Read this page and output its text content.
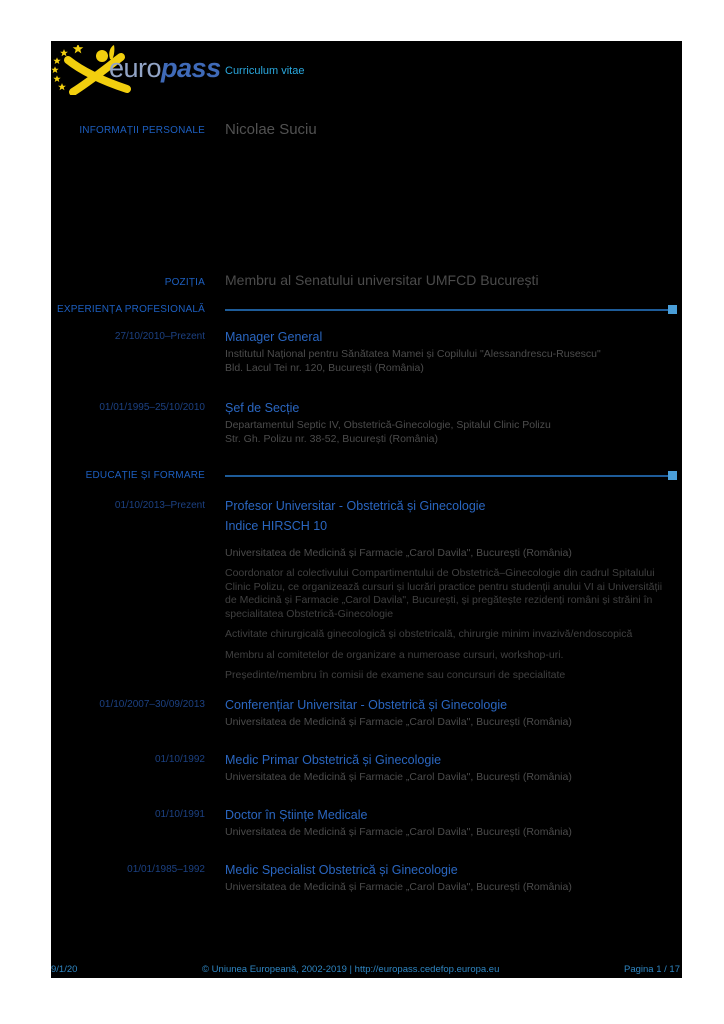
europass Curriculum vitae
INFORMAȚII PERSONALE Nicolae Suciu
POZIȚIA Membru al Senatului universitar UMFCD București
EXPERIENȚA PROFESIONALĂ
27/10/2010–Prezent Manager General
Institutul Național pentru Sănătatea Mamei și Copilului "Alessandrescu-Rusescu"
Bld. Lacul Tei nr. 120, București (România)
01/01/1995–25/10/2010 Șef de Secție
Departamentul Septic IV, Obstetrică-Ginecologie, Spitalul Clinic Polizu
Str. Gh. Polizu nr. 38-52, București (România)
EDUCAȚIE ȘI FORMARE
01/10/2013–Prezent Profesor Universitar - Obstetrică și Ginecologie
Indice HIRSCH 10
Universitatea de Medicină și Farmacie „Carol Davila", București (România)
Coordonator al colectivului Compartimentului de Obstetrică–Ginecologie din cadrul Spitalului Clinic Polizu, ce organizează cursuri și lucrări practice pentru studenții anului VI ai Universității de Medicină și Farmacie „Carol Davila", București, și pregătește rezidenți români și străini în specialitatea Obstetrică-Ginecologie
Activitate chirurgicală ginecologică și obstetricală, chirurgie minim invazivă/endoscopică
Membru al comitetelor de organizare a numeroase cursuri, workshop-uri.
Președinte/membru în comisii de examene sau concursuri de specialitate
01/10/2007–30/09/2013 Conferențiar Universitar - Obstetrică și Ginecologie
Universitatea de Medicină și Farmacie „Carol Davila", București (România)
01/10/1992 Medic Primar Obstetrică și Ginecologie
Universitatea de Medicină și Farmacie „Carol Davila", București (România)
01/10/1991 Doctor în Științe Medicale
Universitatea de Medicină și Farmacie „Carol Davila", București (România)
01/01/1985–1992 Medic Specialist Obstetrică și Ginecologie
Universitatea de Medicină și Farmacie „Carol Davila", București (România)
9/1/20	© Uniunea Europeană, 2002-2019 | http://europass.cedefop.europa.eu	Pagina 1 / 17
